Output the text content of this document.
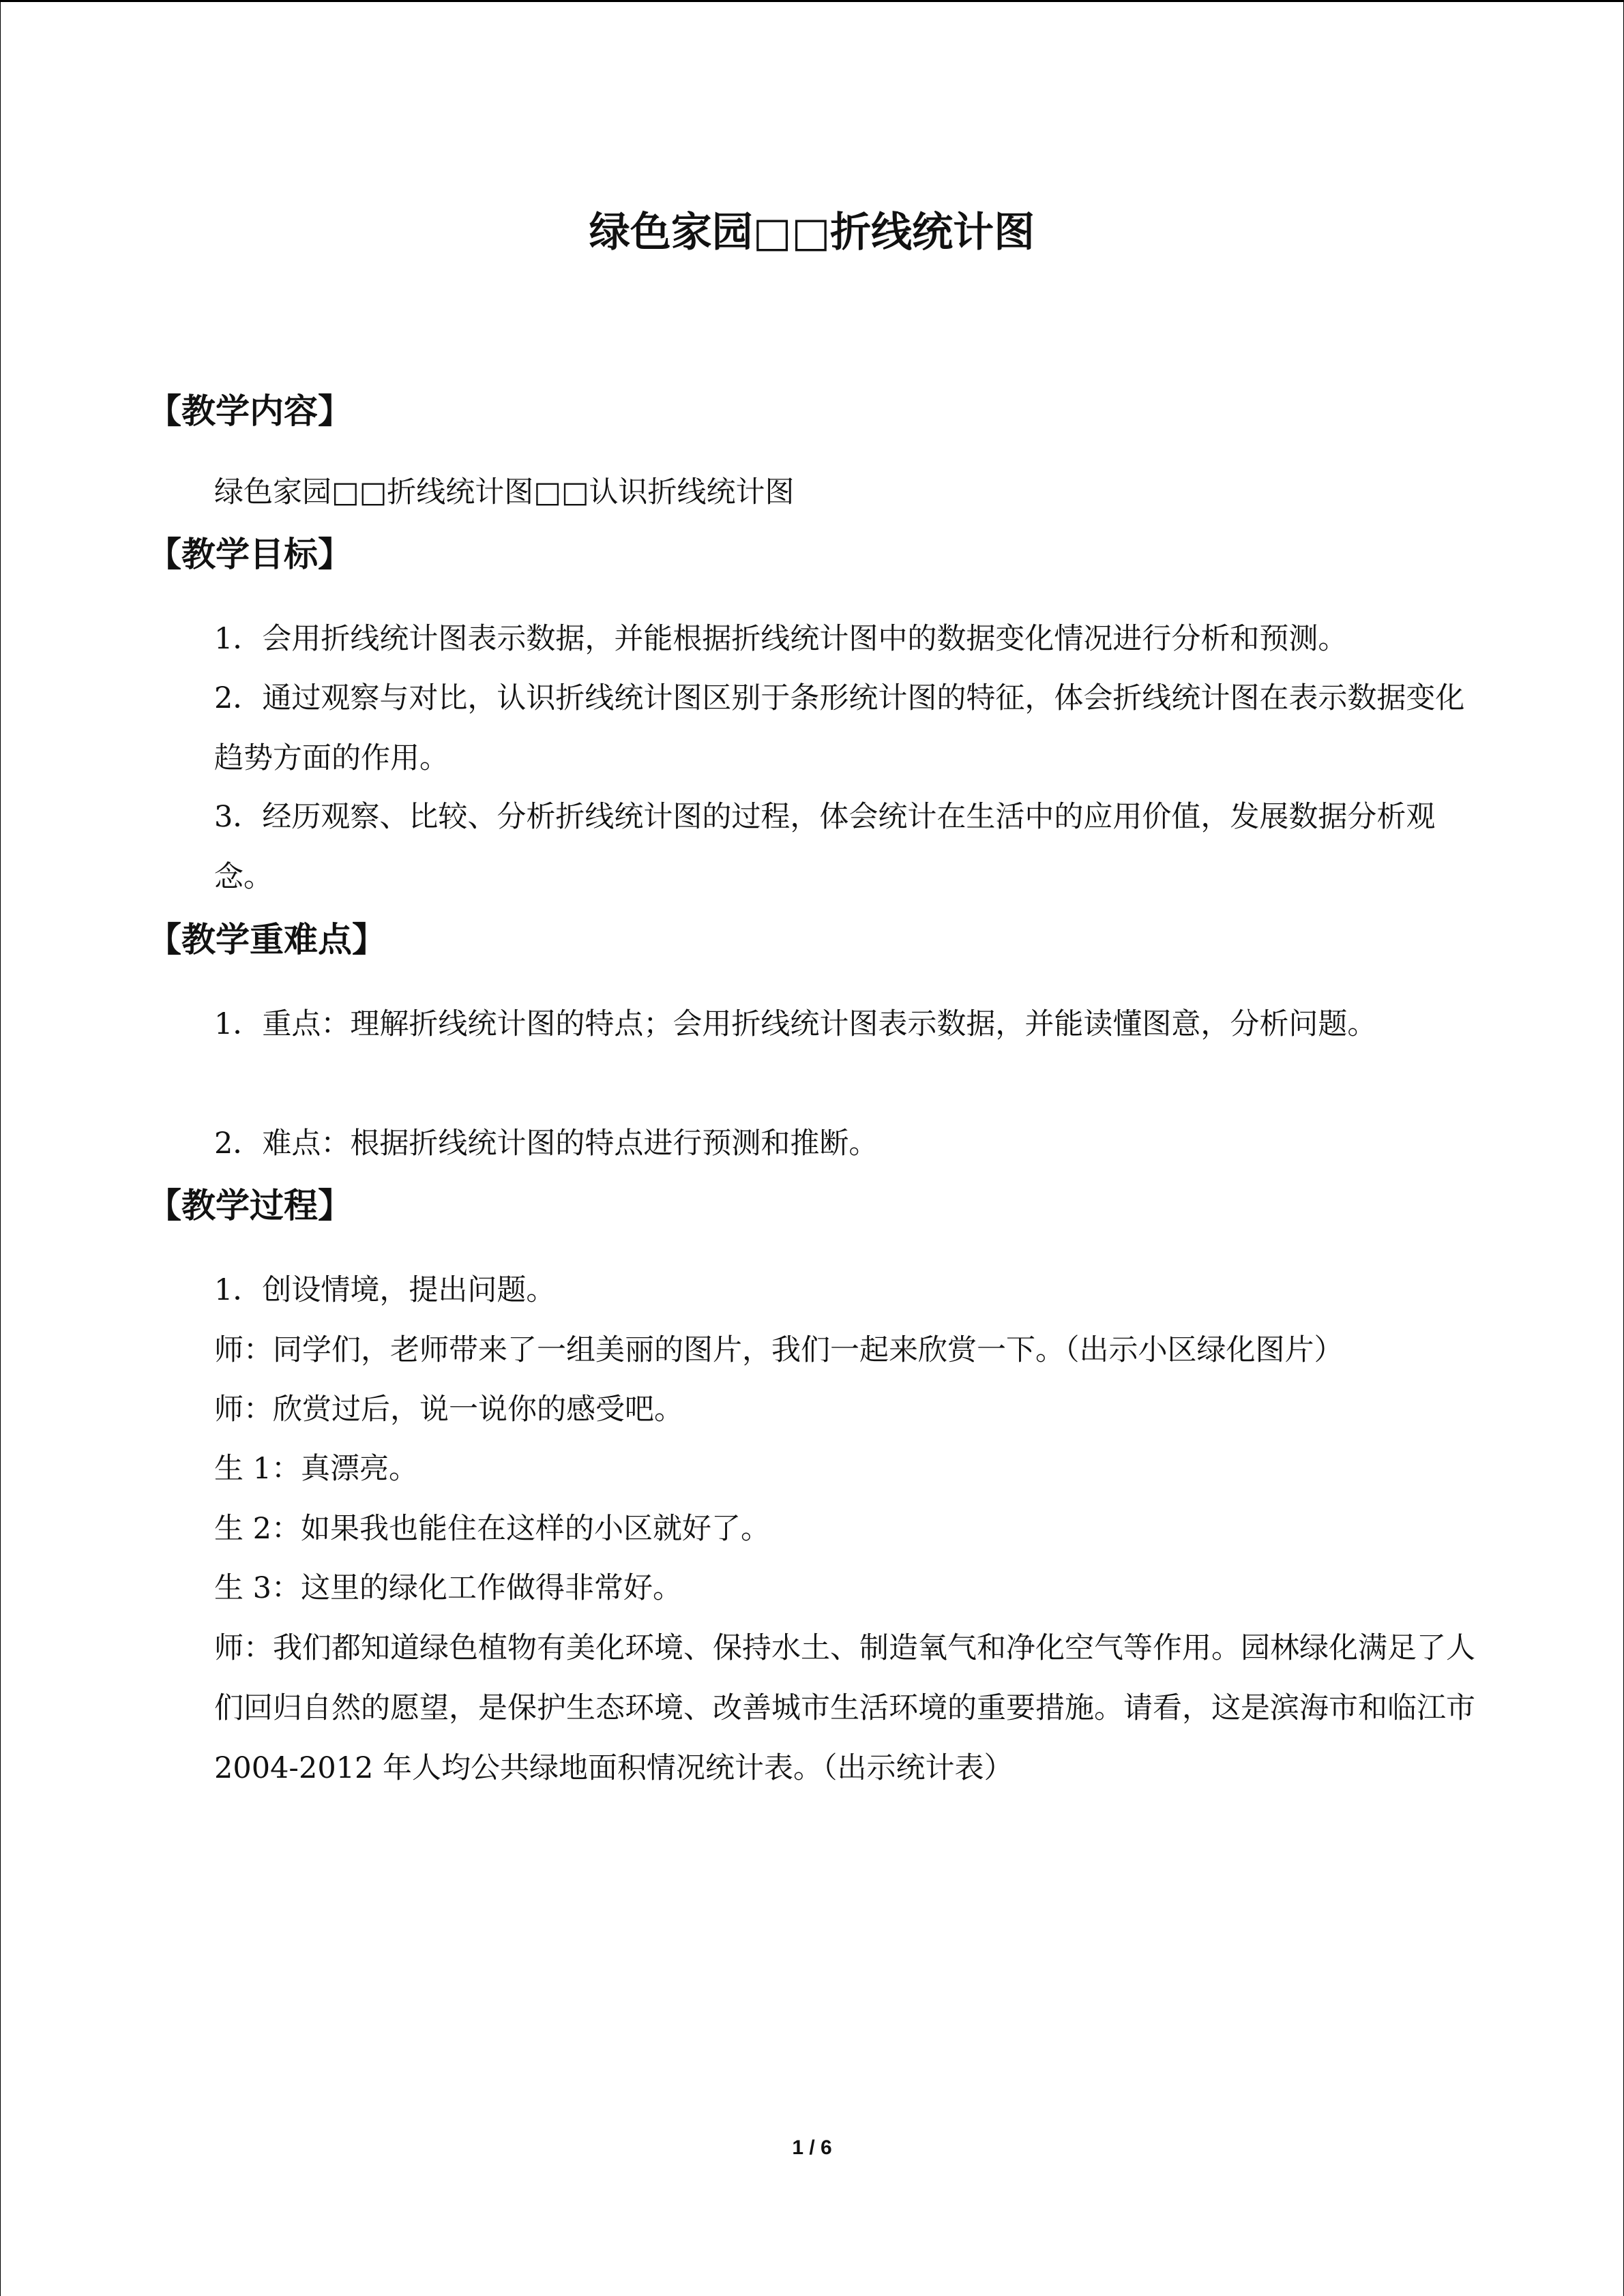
绿色家园□□折线统计图
【教学内容】
绿色家园□□折线统计图□□认识折线统计图
【教学目标】
1．会用折线统计图表示数据，并能根据折线统计图中的数据变化情况进行分析和预测。
2．通过观察与对比，认识折线统计图区别于条形统计图的特征，体会折线统计图在表示数据变化趋势方面的作用。
3．经历观察、比较、分析折线统计图的过程，体会统计在生活中的应用价值，发展数据分析观念。
【教学重难点】
1．重点：理解折线统计图的特点；会用折线统计图表示数据，并能读懂图意，分析问题。
2．难点：根据折线统计图的特点进行预测和推断。
【教学过程】
1．创设情境，提出问题。
师：同学们，老师带来了一组美丽的图片，我们一起来欣赏一下。（出示小区绿化图片）
师：欣赏过后，说一说你的感受吧。
生 1：真漂亮。
生 2：如果我也能住在这样的小区就好了。
生 3：这里的绿化工作做得非常好。
师：我们都知道绿色植物有美化环境、保持水土、制造氧气和净化空气等作用。园林绿化满足了人们回归自然的愿望，是保护生态环境、改善城市生活环境的重要措施。请看，这是滨海市和临江市 2004-2012 年人均公共绿地面积情况统计表。（出示统计表）
1 / 6
